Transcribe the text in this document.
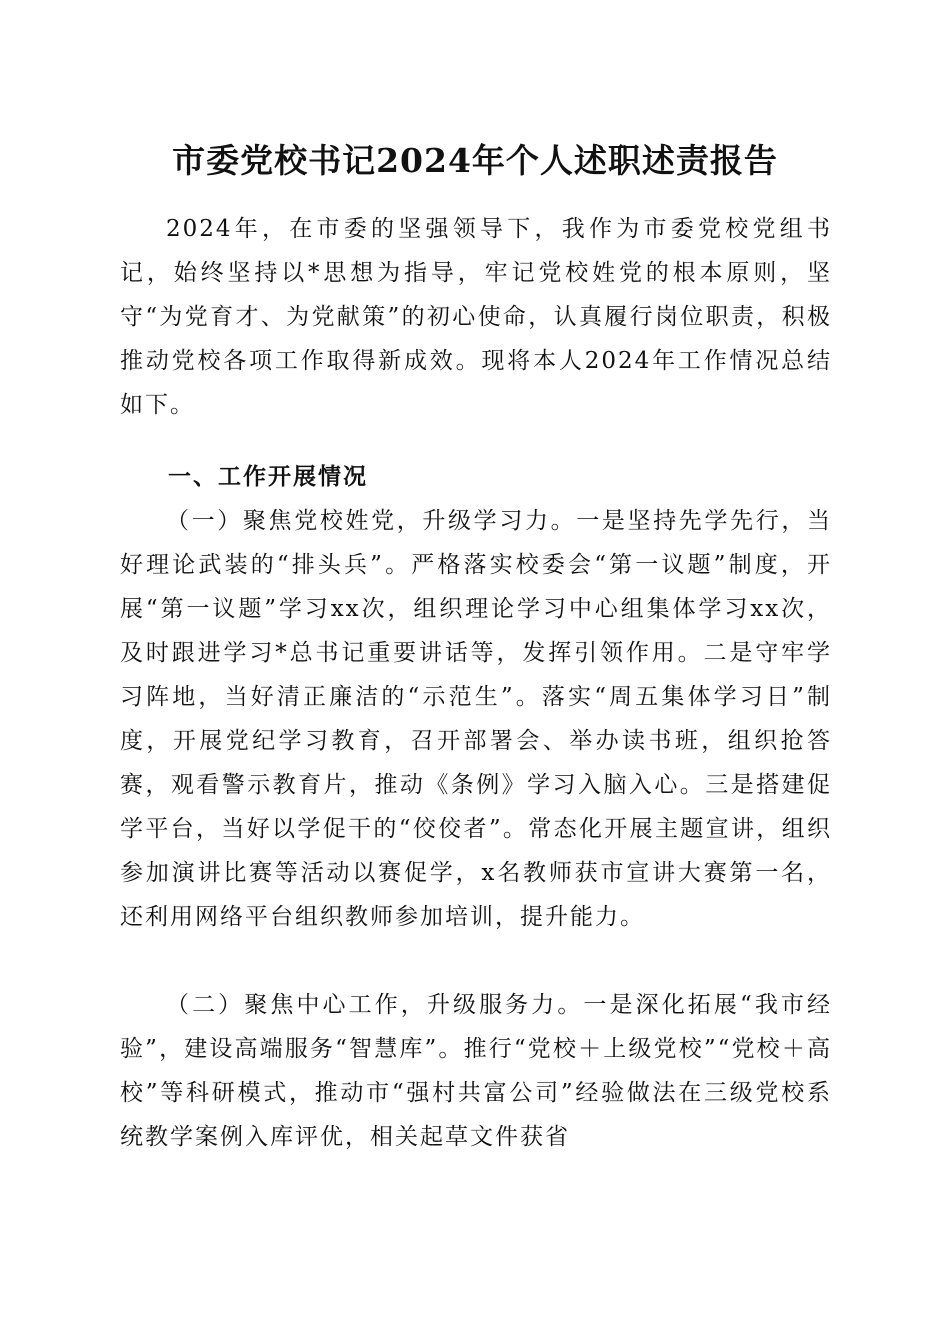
市委党校书记2024年个人述职述责报告

2024年，在市委的坚强领导下，我作为市委党校党组书记，始终坚持以*思想为指导，牢记党校姓党的根本原则，坚守“为党育才、为党献策”的初心使命，认真履行岗位职责，积极推动党校各项工作取得新成效。现将本人2024年工作情况总结如下。

一、工作开展情况

（一）聚焦党校姓党，升级学习力。一是坚持先学先行，当好理论武装的“排头兵”。严格落实校委会“第一议题”制度，开展“第一议题”学习xx次，组织理论学习中心组集体学习xx次，及时跟进学习*总书记重要讲话等，发挥引领作用。二是守牢学习阵地，当好清正廉洁的“示范生”。落实“周五集体学习日”制度，开展党纪学习教育，召开部署会、举办读书班，组织抢答赛，观看警示教育片，推动《条例》学习入脑入心。三是搭建促学平台，当好以学促干的“佼佼者”。常态化开展主题宣讲，组织参加演讲比赛等活动以赛促学，x名教师获市宣讲大赛第一名，还利用网络平台组织教师参加培训，提升能力。

（二）聚焦中心工作，升级服务力。一是深化拓展“我市经验”，建设高端服务“智慧库”。推行“党校＋上级党校”“党校＋高校”等科研模式，推动市“强村共富公司”经验做法在三级党校系统教学案例入库评优，相关起草文件获省
